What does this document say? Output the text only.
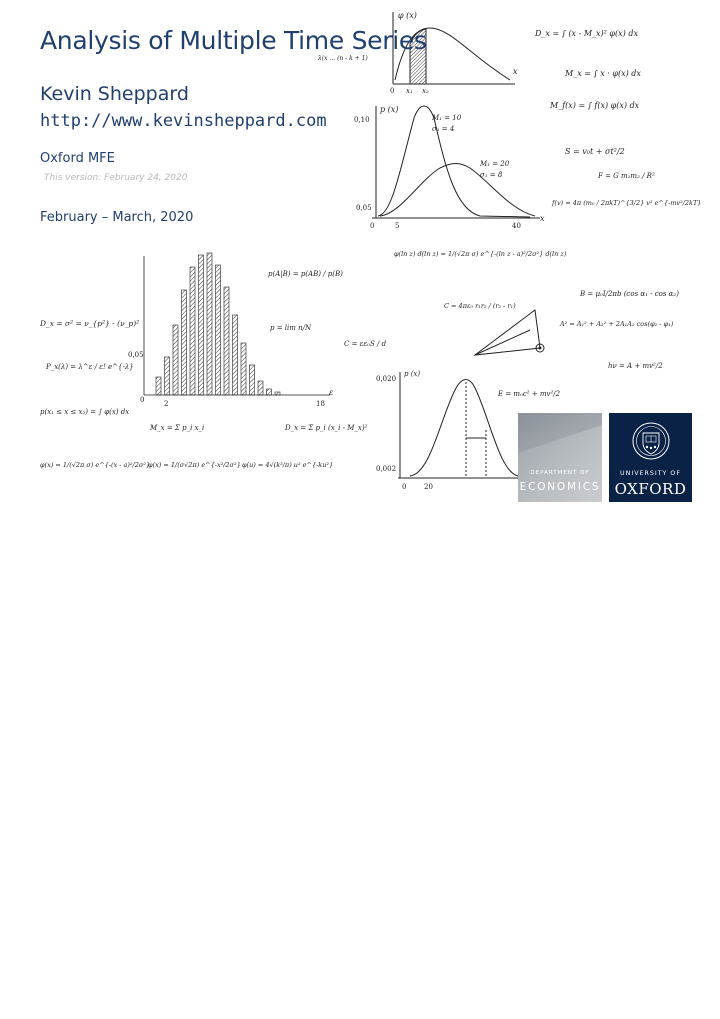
φ (x)
x
0 x₁ x₂
λ(x ... (n - k + 1)
p (x)
0,10
0,05
0	5	40
x
M₁ = 10
σ₁ = 4
M₁ = 20
σ₁ = 8
0,05
0	2	18
ε
p (x)
0,020
0,002
0	20
D_x = ∫ (x - M_x)² φ(x) dx
M_x = ∫ x · φ(x) dx
M_f(x) = ∫ f(x) φ(x) dx
S = v₀t + σt²/2
F = G m₁m₂ / R²
f(v) = 4π (m₀ / 2πkT)^{3/2} v² e^{-mv²/2kT}
φ(ln z) d(ln z) = 1/(√2π σ) e^{-(ln z - a)²/2σ²} d(ln z)
B = μ₀I/2πb (cos α₁ - cos α₂)
A² = A₁² + A₂² + 2A₁A₂ cos(φ₂ - φ₁)
hν = A + mv²/2
E = m₀c² + mv²/2
p(A|B) = p(AB) / p(B)
p = lim n/N
C = εε₀S / d
C = 4πε₀ r₁r₂ / (r₂ - r₁)
D_x = σ² = ν_{p²} - (ν_p)²
P_x(λ) = λ^ε / ε! e^{-λ}
p(x₁ ≤ x ≤ x₂) = ∫ φ(x) dx
M_x = Σ p_i x_i	D_x = Σ p_i (x_i - M_x)²
φ(x) = 1/(√2π σ) e^{-(x - a)²/2σ²}
φ(x) = 1/(σ√2π) e^{-x²/2σ²} φ(u) = 4√(k³/π) u² e^{-ku²}
Analysis of Multiple Time Series
Kevin Sheppard
http://www.kevinsheppard.com
Oxford MFE
This version: February 24, 2020
February – March, 2020
DEPARTMENT OF
ECONOMICS
UNIVERSITY OF
OXFORD
